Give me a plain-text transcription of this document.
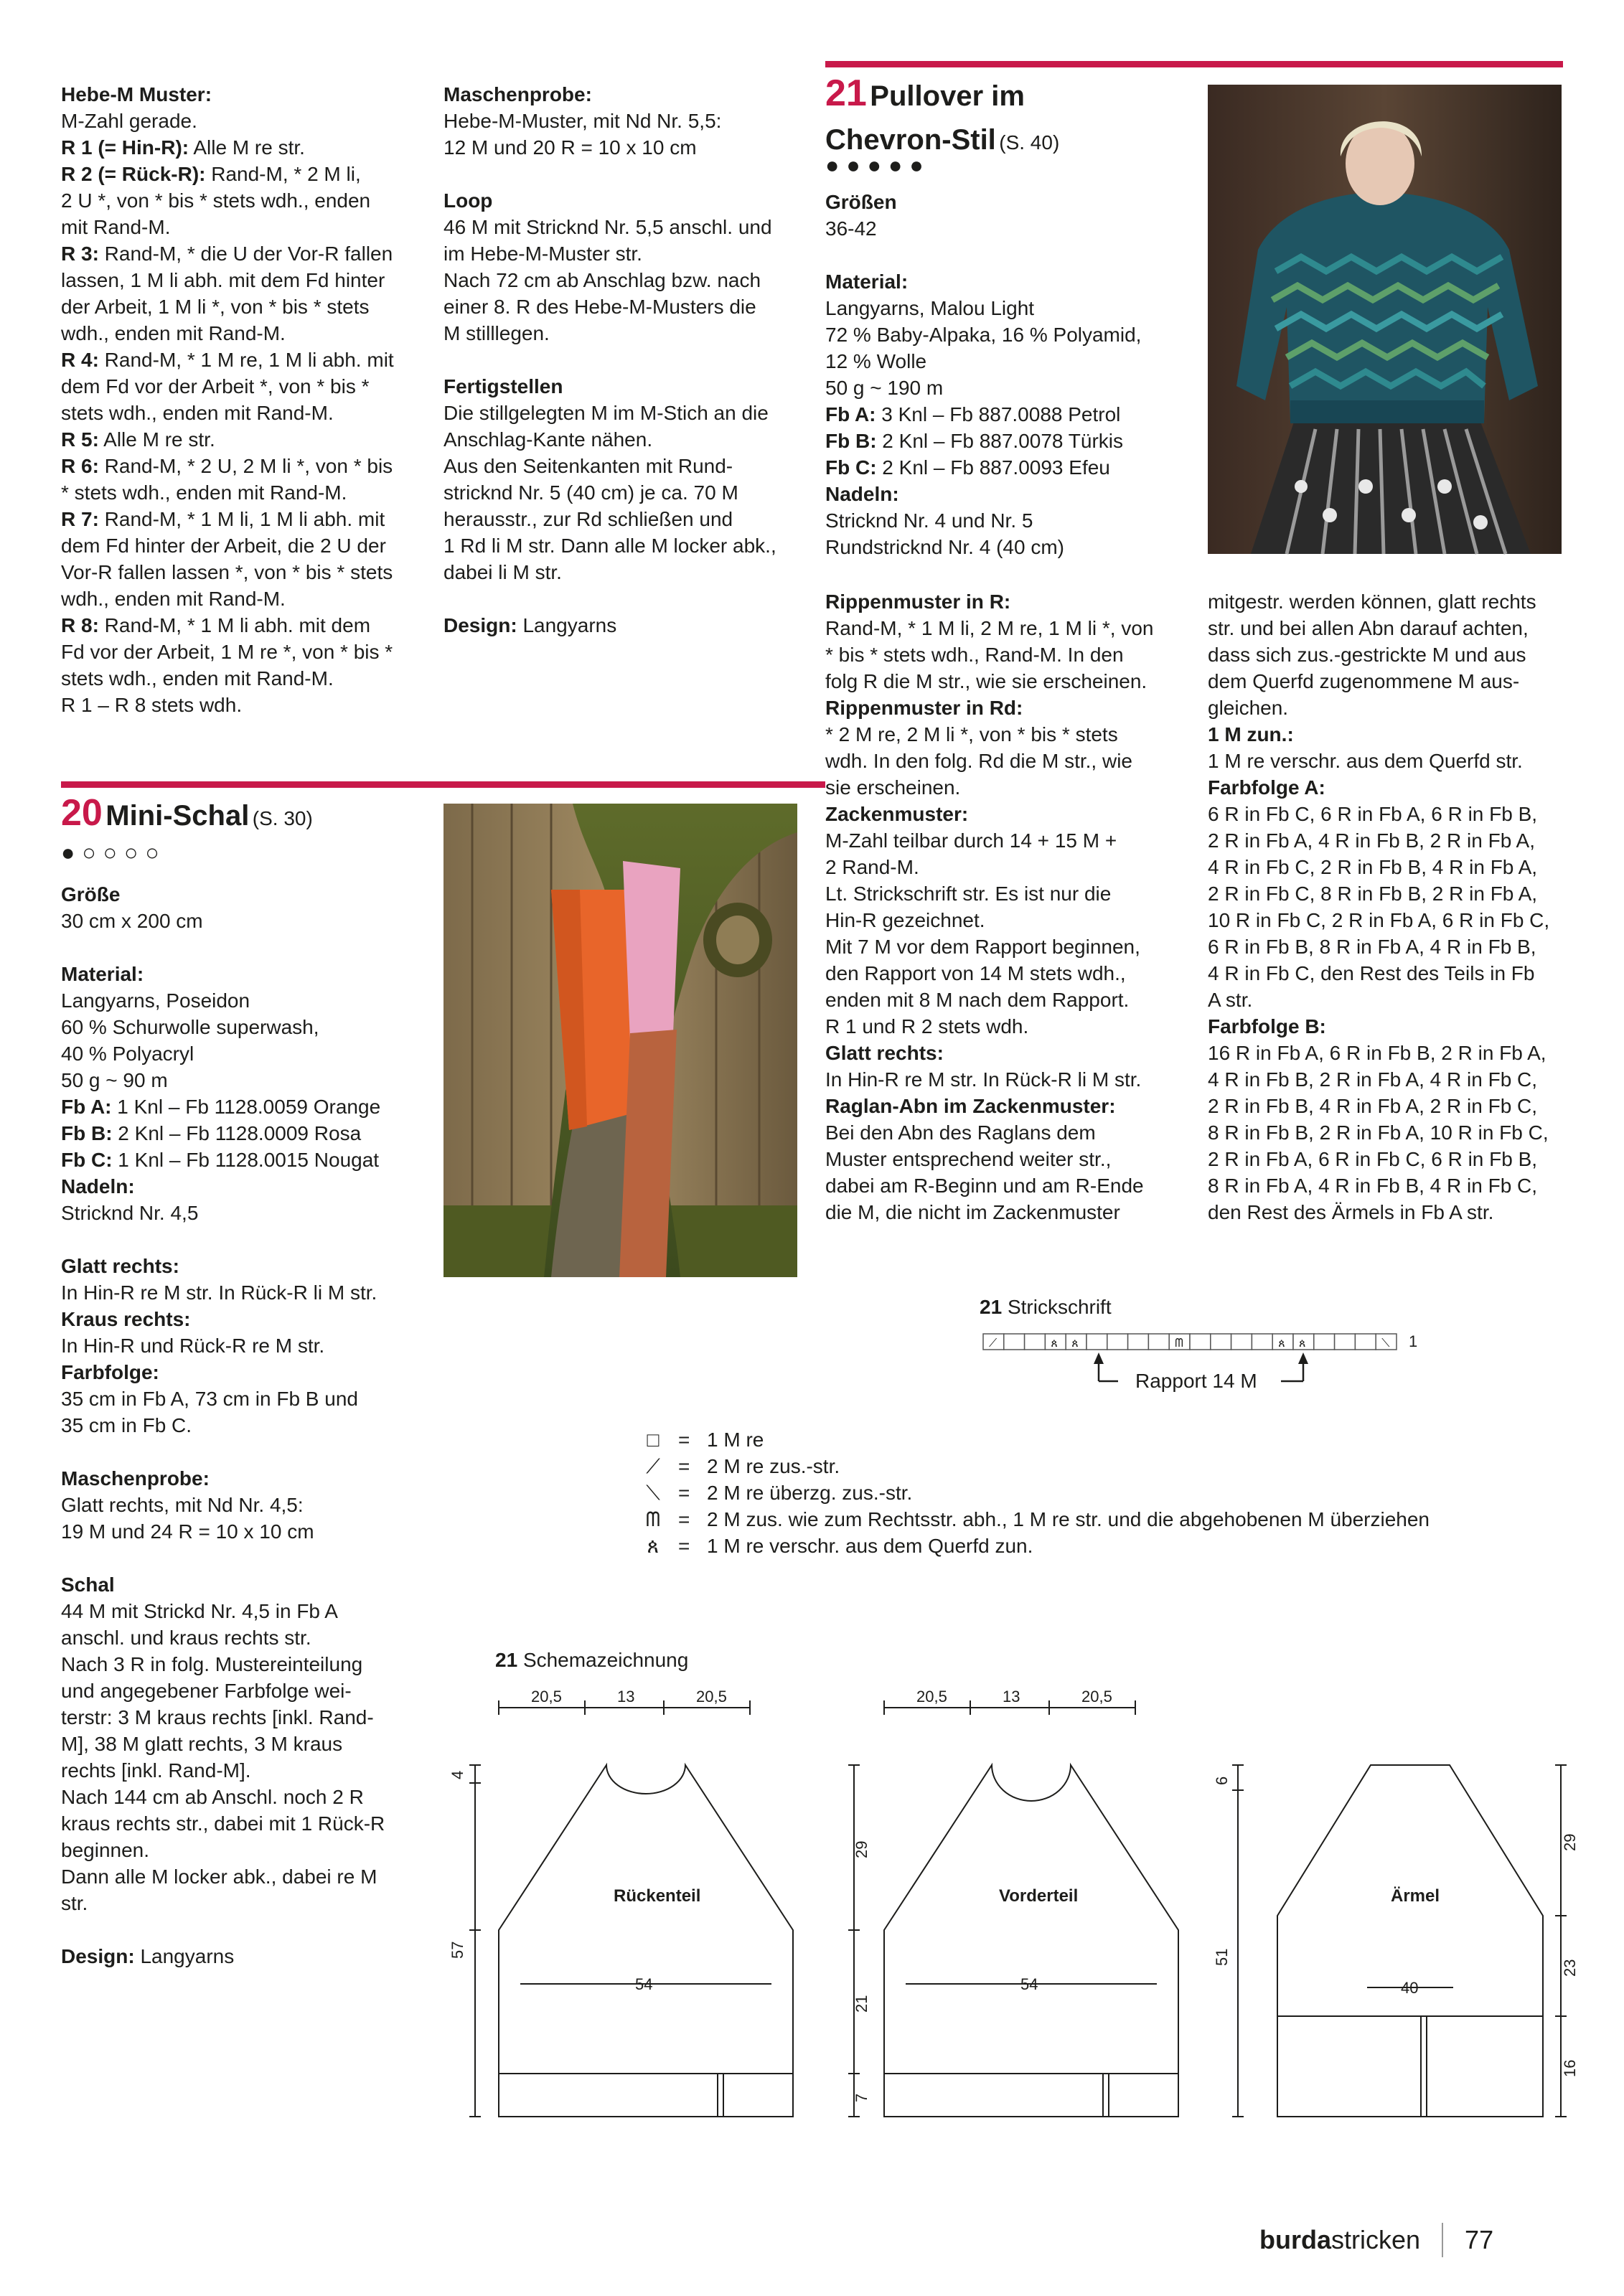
Hebe-M Muster:

M-Zahl gerade.

R 1 (= Hin-R): Alle M re str.

R 2 (= Rück-R): Rand-M, * 2 M li,

2 U *, von * bis * stets wdh., enden

mit Rand-M.

R 3: Rand-M, * die U der Vor-R fallen

lassen, 1 M li abh. mit dem Fd hinter

der Arbeit, 1 M li *, von * bis * stets

wdh., enden mit Rand-M.

R 4: Rand-M, * 1 M re, 1 M li abh. mit

dem Fd vor der Arbeit *, von * bis *

stets wdh., enden mit Rand-M.

R 5: Alle M re str.

R 6: Rand-M, * 2 U, 2 M li *, von * bis

* stets wdh., enden mit Rand-M.

R 7: Rand-M, * 1 M li, 1 M li abh. mit

dem Fd hinter der Arbeit, die 2 U der

Vor-R fallen lassen *, von * bis * stets

wdh., enden mit Rand-M.

R 8: Rand-M, * 1 M li abh. mit dem

Fd vor der Arbeit, 1 M re *, von * bis *

stets wdh., enden mit Rand-M.

R 1 – R 8 stets wdh.

Maschenprobe:

Hebe-M-Muster, mit Nd Nr. 5,5:

12 M und 20 R = 10 x 10 cm

Loop

46 M mit Stricknd Nr. 5,5 anschl. und

im Hebe-M-Muster str.

Nach 72 cm ab Anschlag bzw. nach

einer 8. R des Hebe-M-Musters die

M stilllegen.

Fertigstellen

Die stillgelegten M im M-Stich an die

Anschlag-Kante nähen.

Aus den Seitenkanten mit Rund-

stricknd Nr. 5 (40 cm) je ca. 70 M

herausstr., zur Rd schließen und

1 Rd li M str. Dann alle M locker abk.,

dabei li M str.

Design: Langyarns

20 Mini-Schal (S. 30)
●○○○○

Größe

30 cm x 200 cm

Material:

Langyarns, Poseidon

60 % Schurwolle superwash,

40 % Polyacryl

50 g ~ 90 m

Fb A: 1 Knl – Fb 1128.0059 Orange

Fb B: 2 Knl – Fb 1128.0009 Rosa

Fb C: 1 Knl – Fb 1128.0015 Nougat

Nadeln:

Stricknd Nr. 4,5

Glatt rechts:

In Hin-R re M str. In Rück-R li M str.

Kraus rechts:

In Hin-R und Rück-R re M str.

Farbfolge:

35 cm in Fb A, 73 cm in Fb B und

35 cm in Fb C.

Maschenprobe:

Glatt rechts, mit Nd Nr. 4,5:

19 M und 24 R = 10 x 10 cm

Schal

44 M mit Strickd Nr. 4,5 in Fb A

anschl. und kraus rechts str.

Nach 3 R in folg. Mustereinteilung

und angegebener Farbfolge wei-

terstr: 3 M kraus rechts [inkl. Rand-

M], 38 M glatt rechts, 3 M kraus

rechts [inkl. Rand-M].

Nach 144 cm ab Anschl. noch 2 R

kraus rechts str., dabei mit 1 Rück-R

beginnen.

Dann alle M locker abk., dabei re M

str.

Design: Langyarns

21 Pullover im
Chevron-Stil (S. 40)
●●●●●

Größen

36-42

Material:

Langyarns, Malou Light

72 % Baby-Alpaka, 16 % Polyamid,

12 % Wolle

50 g ~ 190 m

Fb A: 3 Knl – Fb 887.0088 Petrol

Fb B: 2 Knl – Fb 887.0078 Türkis

Fb C: 2 Knl – Fb 887.0093 Efeu

Nadeln:

Stricknd Nr. 4 und Nr. 5

Rundstricknd Nr. 4 (40 cm)

Rippenmuster in R:

Rand-M, * 1 M li, 2 M re, 1 M li *, von

* bis * stets wdh., Rand-M. In den

folg R die M str., wie sie erscheinen.

Rippenmuster in Rd:

* 2 M re, 2 M li *, von * bis * stets

wdh. In den folg. Rd die M str., wie

sie erscheinen.

Zackenmuster:

M-Zahl teilbar durch 14 + 15 M +

2 Rand-M.

Lt. Strickschrift str. Es ist nur die

Hin-R gezeichnet.

Mit 7 M vor dem Rapport beginnen,

den Rapport von 14 M stets wdh.,

enden mit 8 M nach dem Rapport.

R 1 und R 2 stets wdh.

Glatt rechts:

In Hin-R re M str. In Rück-R li M str.

Raglan-Abn im Zackenmuster:

Bei den Abn des Raglans dem

Muster entsprechend weiter str.,

dabei am R-Beginn und am R-Ende

die M, die nicht im Zackenmuster

mitgestr. werden können, glatt rechts

str. und bei allen Abn darauf achten,

dass sich zus.-gestrickte M und aus

dem Querfd zugenommene M aus-

gleichen.

1 M zun.:

1 M re verschr. aus dem Querfd str.

Farbfolge A:

6 R in Fb C, 6 R in Fb A, 6 R in Fb B,

2 R in Fb A, 4 R in Fb B, 2 R in Fb A,

4 R in Fb C, 2 R in Fb B, 4 R in Fb A,

2 R in Fb C, 8 R in Fb B, 2 R in Fb A,

10 R in Fb C, 2 R in Fb A, 6 R in Fb C,

6 R in Fb B, 8 R in Fb A, 4 R in Fb B,

4 R in Fb C, den Rest des Teils in Fb

A str.

Farbfolge B:

16 R in Fb A, 6 R in Fb B, 2 R in Fb A,

4 R in Fb B, 2 R in Fb A, 4 R in Fb C,

2 R in Fb B, 4 R in Fb A, 2 R in Fb C,

8 R in Fb B, 2 R in Fb A, 10 R in Fb C,

2 R in Fb A, 6 R in Fb C, 6 R in Fb B,

8 R in Fb A, 4 R in Fb B, 4 R in Fb C,

den Rest des Ärmels in Fb A str.

21 Strickschrift
⟋	ጰ ጰ	ᗰ	ጰ ጰ	⟍ 1
Rapport 14 M
□ = 1 M re
⟋ = 2 M re zus.-str.
⟍ = 2 M re überzg. zus.-str.
ᗰ = 2 M zus. wie zum Rechtsstr. abh., 1 M re str. und die abgehobenen M überziehen
ጰ = 1 M re verschr. aus dem Querfd zun.
21 Schemazeichnung
20,5	13	20,5
Rückenteil
54
4
57
29
21
7
20,5	13	20,5
Vorderteil
54
6
51
Ärmel
40
29
23
16
burdastricken 77
